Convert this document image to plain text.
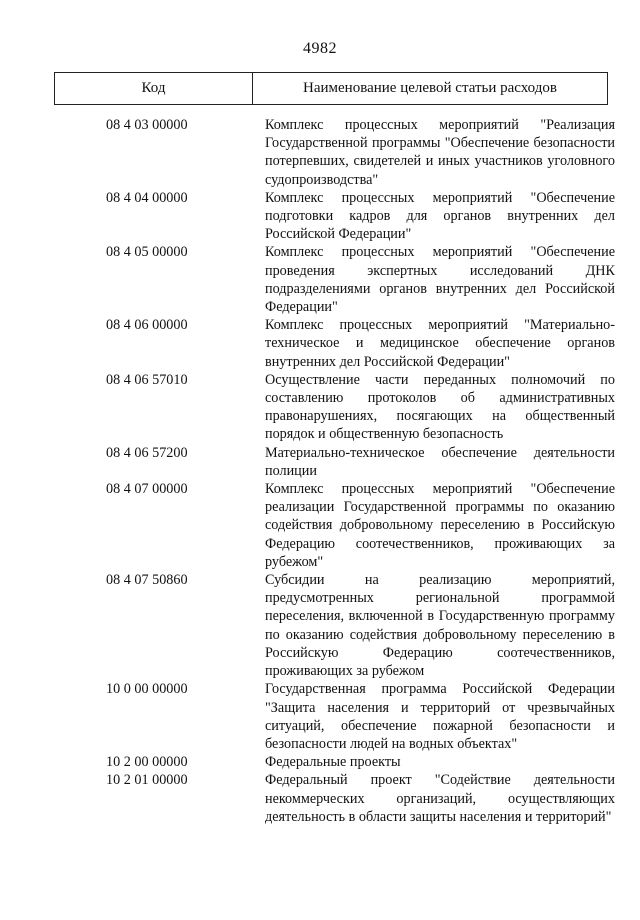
4982
Код	Наименование целевой статьи расходов
08 4 03 00000	Комплекс процессных мероприятий "Реализация Государственной программы "Обеспечение безопасности потерпевших, свидетелей и иных участников уголовного судопроизводства"
08 4 04 00000	Комплекс процессных мероприятий "Обеспечение подготовки кадров для органов внутренних дел Российской Федерации"
08 4 05 00000	Комплекс процессных мероприятий "Обеспечение проведения экспертных исследований ДНК подразделениями органов внутренних дел Российской Федерации"
08 4 06 00000	Комплекс процессных мероприятий "Материально-техническое и медицинское обеспечение органов внутренних дел Российской Федерации"
08 4 06 57010	Осуществление части переданных полномочий по составлению протоколов об административных правонарушениях, посягающих на общественный порядок и общественную безопасность
08 4 06 57200	Материально-техническое обеспечение деятельности полиции
08 4 07 00000	Комплекс процессных мероприятий "Обеспечение реализации Государственной программы по оказанию содействия добровольному переселению в Российскую Федерацию соотечественников, проживающих за рубежом"
08 4 07 50860	Субсидии на реализацию мероприятий, предусмотренных региональной программой переселения, включенной в Государственную программу по оказанию содействия добровольному переселению в Российскую Федерацию соотечественников, проживающих за рубежом
10 0 00 00000	Государственная программа Российской Федерации "Защита населения и территорий от чрезвычайных ситуаций, обеспечение пожарной безопасности и безопасности людей на водных объектах"
10 2 00 00000	Федеральные проекты
10 2 01 00000	Федеральный проект "Содействие деятельности некоммерческих организаций, осуществляющих деятельность в области защиты населения и территорий"
